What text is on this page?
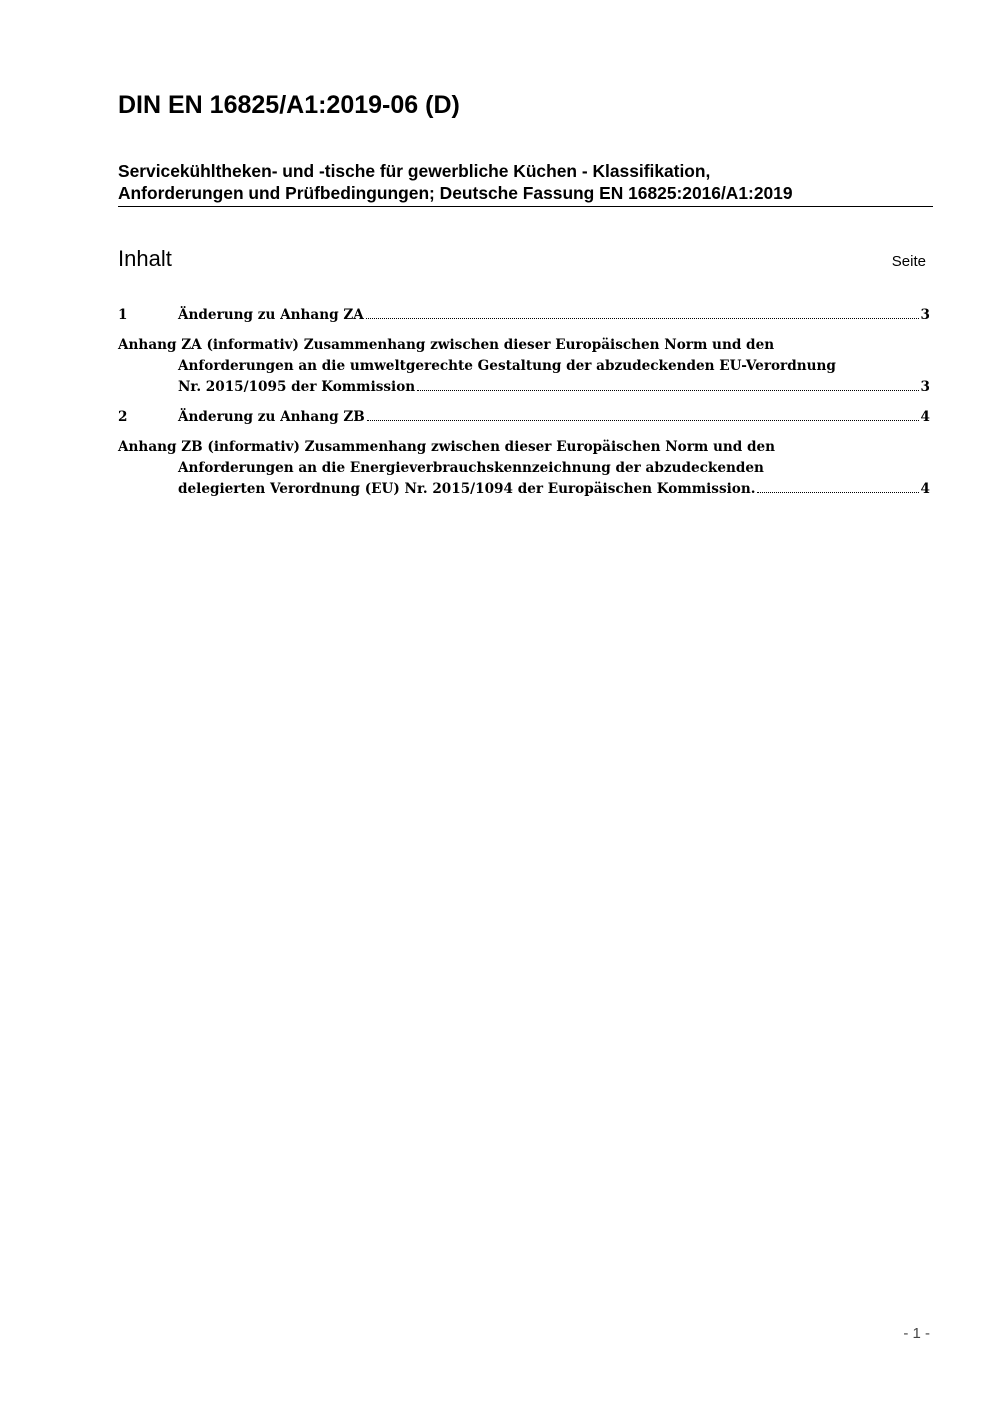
DIN EN 16825/A1:2019-06 (D)
Servicekühltheken- und -tische für gewerbliche Küchen - Klassifikation,
Anforderungen und Prüfbedingungen; Deutsche Fassung EN 16825:2016/A1:2019
Inhalt	Seite
1	Änderung zu Anhang ZA	3
Anhang ZA (informativ) Zusammenhang zwischen dieser Europäischen Norm und den
Anforderungen an die umweltgerechte Gestaltung der abzudeckenden EU-Verordnung
Nr. 2015/1095 der Kommission	3
2	Änderung zu Anhang ZB	4
Anhang ZB (informativ) Zusammenhang zwischen dieser Europäischen Norm und den
Anforderungen an die Energieverbrauchskennzeichnung der abzudeckenden
delegierten Verordnung (EU) Nr. 2015/1094 der Europäischen Kommission.	4
- 1 -
